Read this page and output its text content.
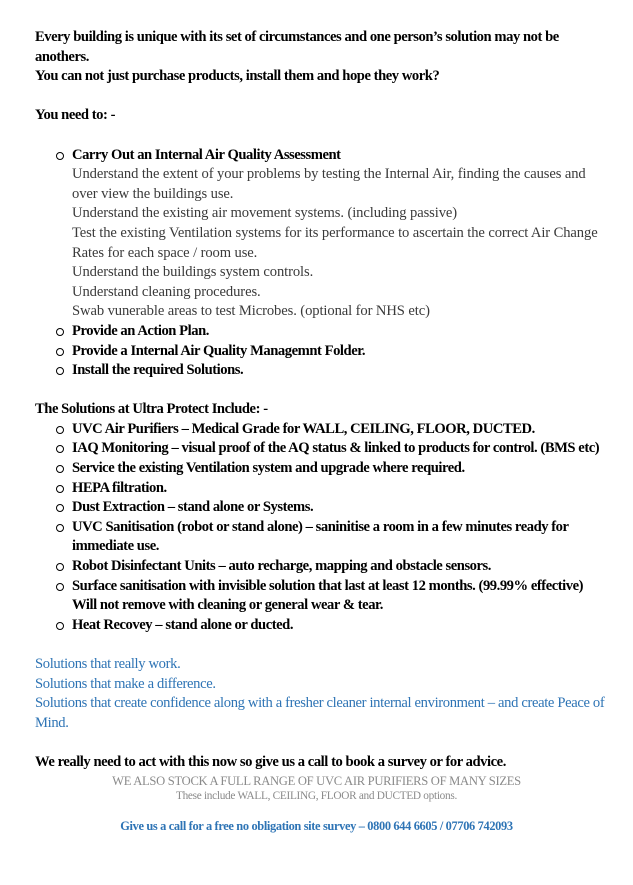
Every building is unique with its set of circumstances and one person’s solution may not be anothers.
You can not just purchase products, install them and hope they work?
You need to: -
Carry Out an Internal Air Quality Assessment
Understand the extent of your problems by testing the Internal Air, finding the causes and over view the buildings use.
Understand the existing air movement systems. (including passive)
Test the existing Ventilation systems for its performance to ascertain the correct Air Change Rates for each space / room use.
Understand the buildings system controls.
Understand cleaning procedures.
Swab vunerable areas to test Microbes. (optional for NHS etc)
Provide an Action Plan.
Provide a Internal Air Quality Managemnt Folder.
Install the required Solutions.
The Solutions at Ultra Protect Include: -
UVC Air Purifiers – Medical Grade for WALL, CEILING, FLOOR, DUCTED.
IAQ Monitoring – visual proof of the AQ status & linked to products for control. (BMS etc)
Service the existing Ventilation system and upgrade where required.
HEPA filtration.
Dust Extraction – stand alone or Systems.
UVC Sanitisation (robot or stand alone) – saninitise a room in a few minutes ready for immediate use.
Robot Disinfectant Units – auto recharge, mapping and obstacle sensors.
Surface sanitisation with invisible solution that last at least 12 months. (99.99% effective) Will not remove with cleaning or general wear & tear.
Heat Recovey – stand alone or ducted.
Solutions that really work.
Solutions that make a difference.
Solutions that create confidence along with a fresher cleaner internal environment – and create Peace of Mind.
We really need to act with this now so give us a call to book a survey or for advice.
WE ALSO STOCK A FULL RANGE OF UVC AIR PURIFIERS OF MANY SIZES
These include WALL, CEILING, FLOOR and DUCTED options.
Give us a call for a free no obligation site survey – 0800 644 6605 / 07706 742093
